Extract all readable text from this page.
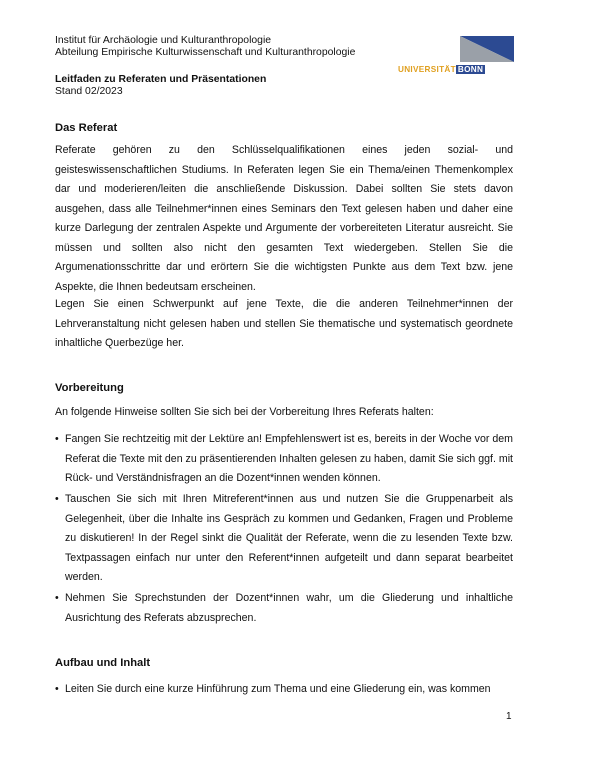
Institut für Archäologie und Kulturanthropologie
Abteilung Empirische Kulturwissenschaft und Kulturanthropologie
Leitfaden zu Referaten und Präsentationen
Stand 02/2023
UNIVERSITÄT BONN
Das Referat
Referate gehören zu den Schlüsselqualifikationen eines jeden sozial- und geisteswissenschaftlichen Studiums. In Referaten legen Sie ein Thema/einen Themenkomplex dar und moderieren/leiten die anschließende Diskussion. Dabei sollten Sie stets davon ausgehen, dass alle Teilnehmer*innen eines Seminars den Text gelesen haben und daher eine kurze Darlegung der zentralen Aspekte und Argumente der vorbereiteten Literatur ausreicht. Sie müssen und sollten also nicht den gesamten Text wiedergeben. Stellen Sie die Argumenationsschritte dar und erörtern Sie die wichtigsten Punkte aus dem Text bzw. jene Aspekte, die Ihnen bedeutsam erscheinen.
Legen Sie einen Schwerpunkt auf jene Texte, die die anderen Teilnehmer*innen der Lehrveranstaltung nicht gelesen haben und stellen Sie thematische und systematisch geordnete inhaltliche Querbezüge her.
Vorbereitung
An folgende Hinweise sollten Sie sich bei der Vorbereitung Ihres Referats halten:
• Fangen Sie rechtzeitig mit der Lektüre an! Empfehlenswert ist es, bereits in der Woche vor dem Referat die Texte mit den zu präsentierenden Inhalten gelesen zu haben, damit Sie sich ggf. mit Rück- und Verständnisfragen an die Dozent*innen wenden können.
• Tauschen Sie sich mit Ihren Mitreferent*innen aus und nutzen Sie die Gruppenarbeit als Gelegenheit, über die Inhalte ins Gespräch zu kommen und Gedanken, Fragen und Probleme zu diskutieren! In der Regel sinkt die Qualität der Referate, wenn die zu lesenden Texte bzw. Textpassagen einfach nur unter den Referent*innen aufgeteilt und dann separat bearbeitet werden.
• Nehmen Sie Sprechstunden der Dozent*innen wahr, um die Gliederung und inhaltliche Ausrichtung des Referats abzusprechen.
Aufbau und Inhalt
• Leiten Sie durch eine kurze Hinführung zum Thema und eine Gliederung ein, was kommen
1
